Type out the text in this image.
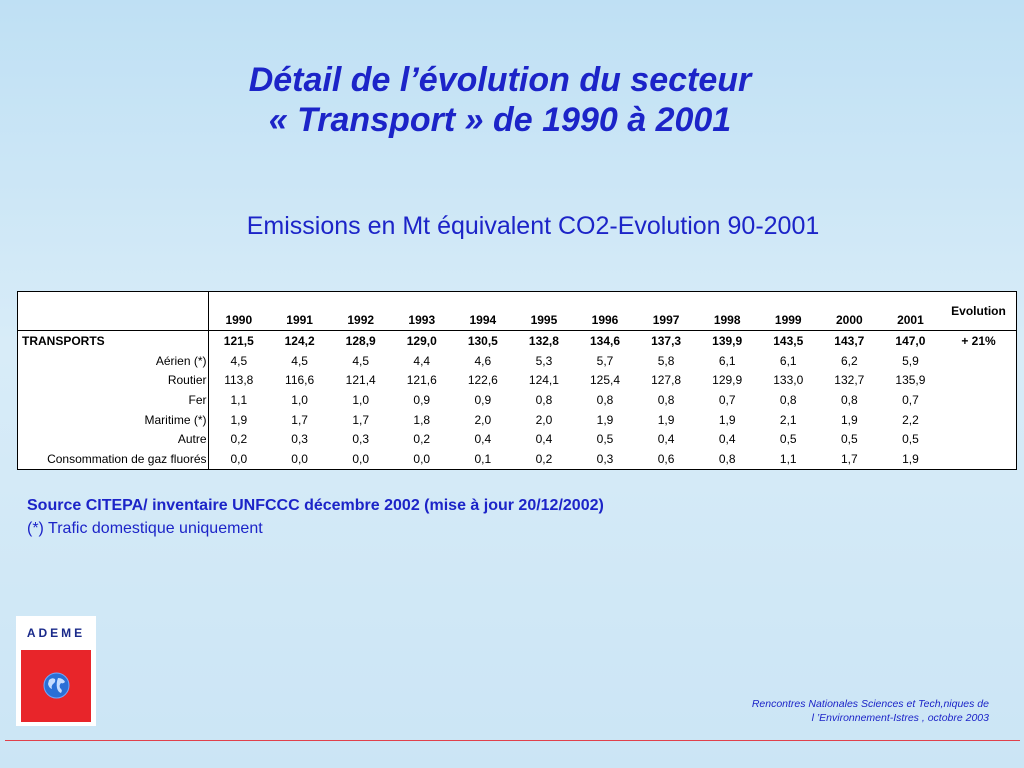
Détail de l’évolution du secteur
« Transport » de 1990 à 2001
Emissions en Mt équivalent CO2-Evolution 90-2001
	1990	1991	1992	1993	1994	1995	1996	1997	1998	1999	2000	2001	Evolution
TRANSPORTS	121,5	124,2	128,9	129,0	130,5	132,8	134,6	137,3	139,9	143,5	143,7	147,0	+ 21%
Aérien (*)	4,5	4,5	4,5	4,4	4,6	5,3	5,7	5,8	6,1	6,1	6,2	5,9	
Routier	113,8	116,6	121,4	121,6	122,6	124,1	125,4	127,8	129,9	133,0	132,7	135,9	
Fer	1,1	1,0	1,0	0,9	0,9	0,8	0,8	0,8	0,7	0,8	0,8	0,7	
Maritime (*)	1,9	1,7	1,7	1,8	2,0	2,0	1,9	1,9	1,9	2,1	1,9	2,2	
Autre	0,2	0,3	0,3	0,2	0,4	0,4	0,5	0,4	0,4	0,5	0,5	0,5	
Consommation de gaz fluorés	0,0	0,0	0,0	0,0	0,1	0,2	0,3	0,6	0,8	1,1	1,7	1,9	
Source CITEPA/ inventaire UNFCCC décembre 2002 (mise à jour 20/12/2002)
(*) Trafic domestique uniquement
ADEME
Rencontres Nationales Sciences et Tech,niques de
l ’Environnement-Istres , octobre 2003
